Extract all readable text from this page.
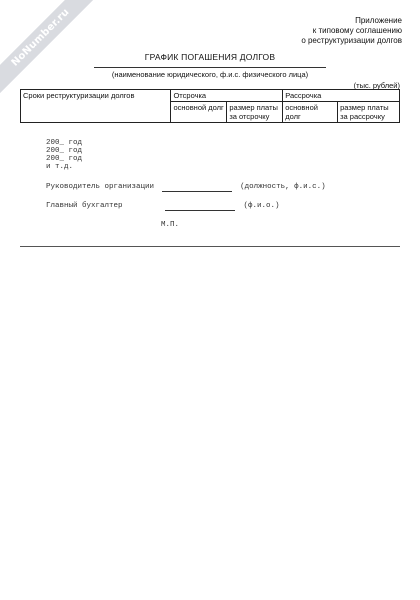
NoNumber.ru	Приложение
к типовому соглашению
о реструктуризации долгов
ГРАФИК ПОГАШЕНИЯ ДОЛГОВ
(наименование юридического, ф.и.с. физического лица)
(тыс. рублей)
Сроки реструктуризации долгов	Отсрочка		Рассрочка	
	основной долг	размер платы за отсрочку	основной долг	размер платы за рассрочку
200_ год
200_ год
200_ год
и т.д.
Руководитель организации	(должность, ф.и.с.)
Главный бухгалтер	(ф.и.о.)
М.П.
